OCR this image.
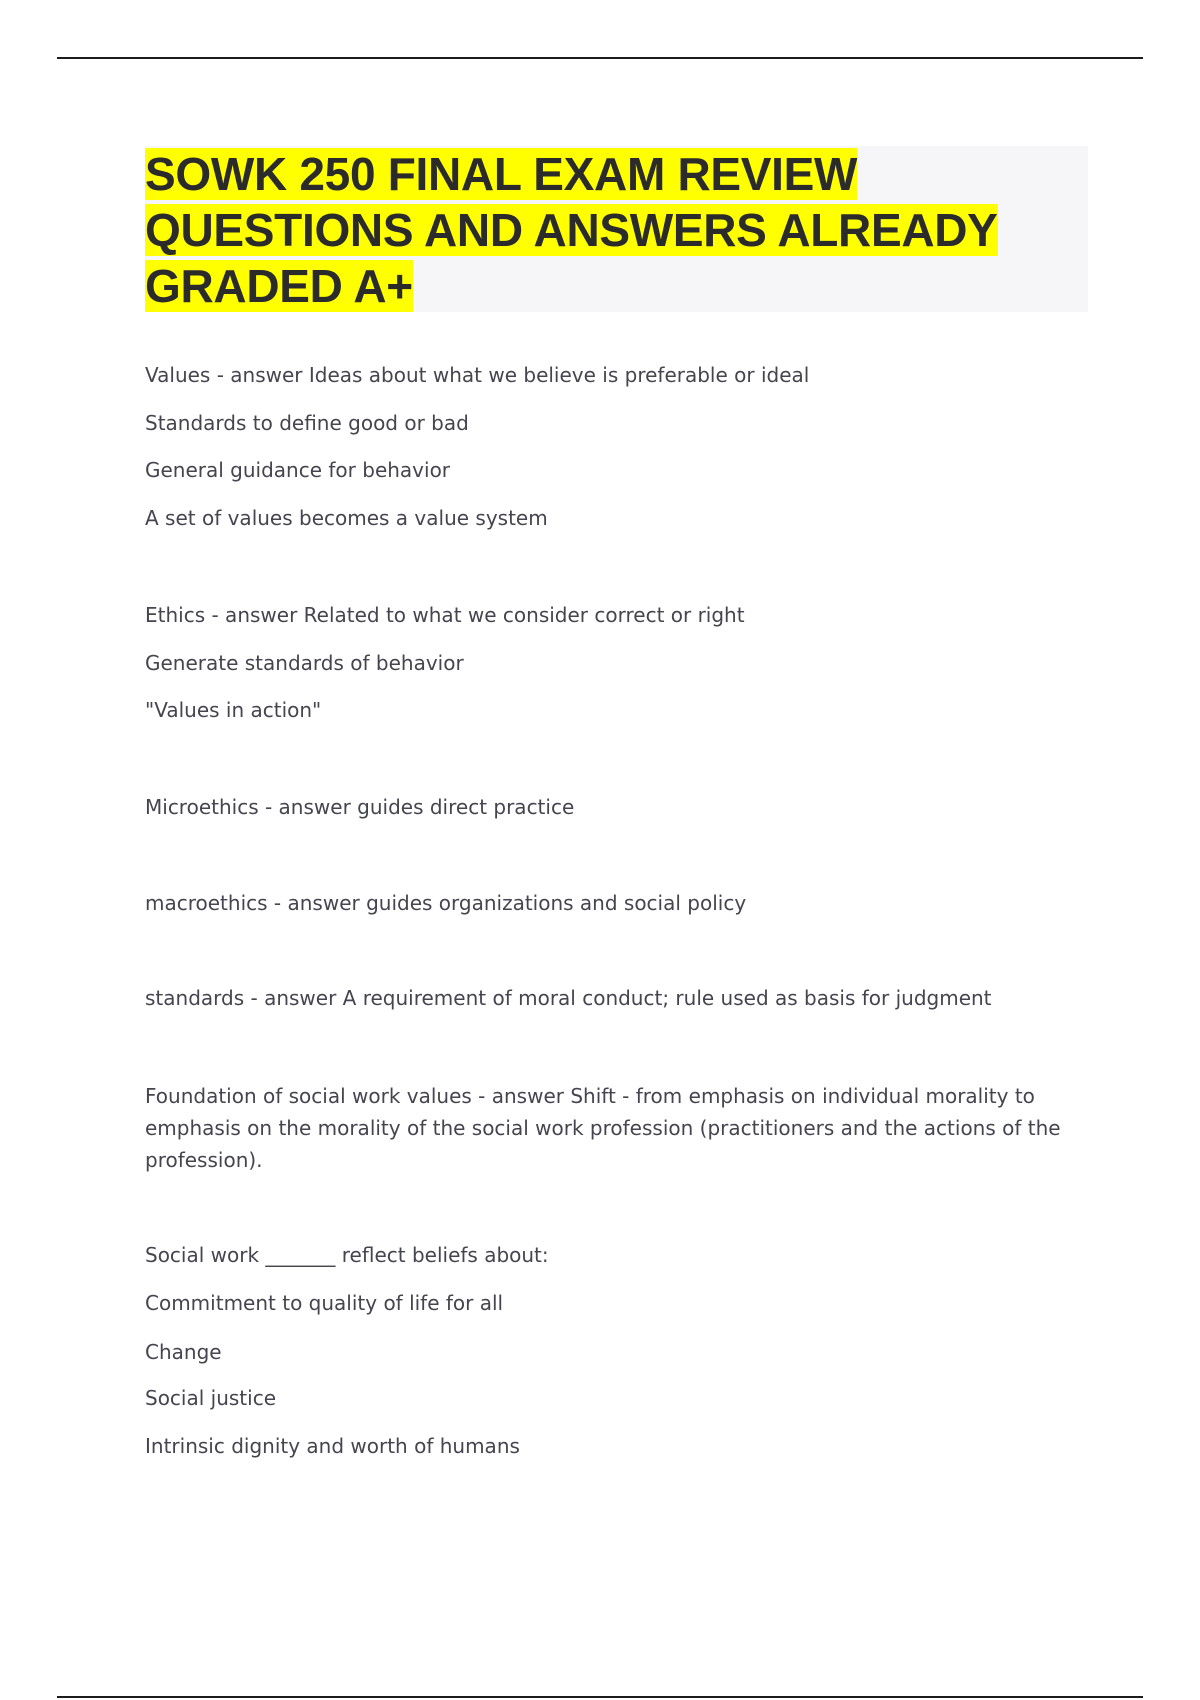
SOWK 250 FINAL EXAM REVIEW QUESTIONS AND ANSWERS ALREADY GRADED A+

Values - answer Ideas about what we believe is preferable or ideal

Standards to define good or bad

General guidance for behavior

A set of values becomes a value system

Ethics - answer Related to what we consider correct or right

Generate standards of behavior

"Values in action"

Microethics - answer guides direct practice

macroethics - answer guides organizations and social policy

standards - answer A requirement of moral conduct; rule used as basis for judgment

Foundation of social work values - answer Shift - from emphasis on individual morality to emphasis on the morality of the social work profession (practitioners and the actions of the profession).

Social work _______ reflect beliefs about:

Commitment to quality of life for all

Change

Social justice

Intrinsic dignity and worth of humans
